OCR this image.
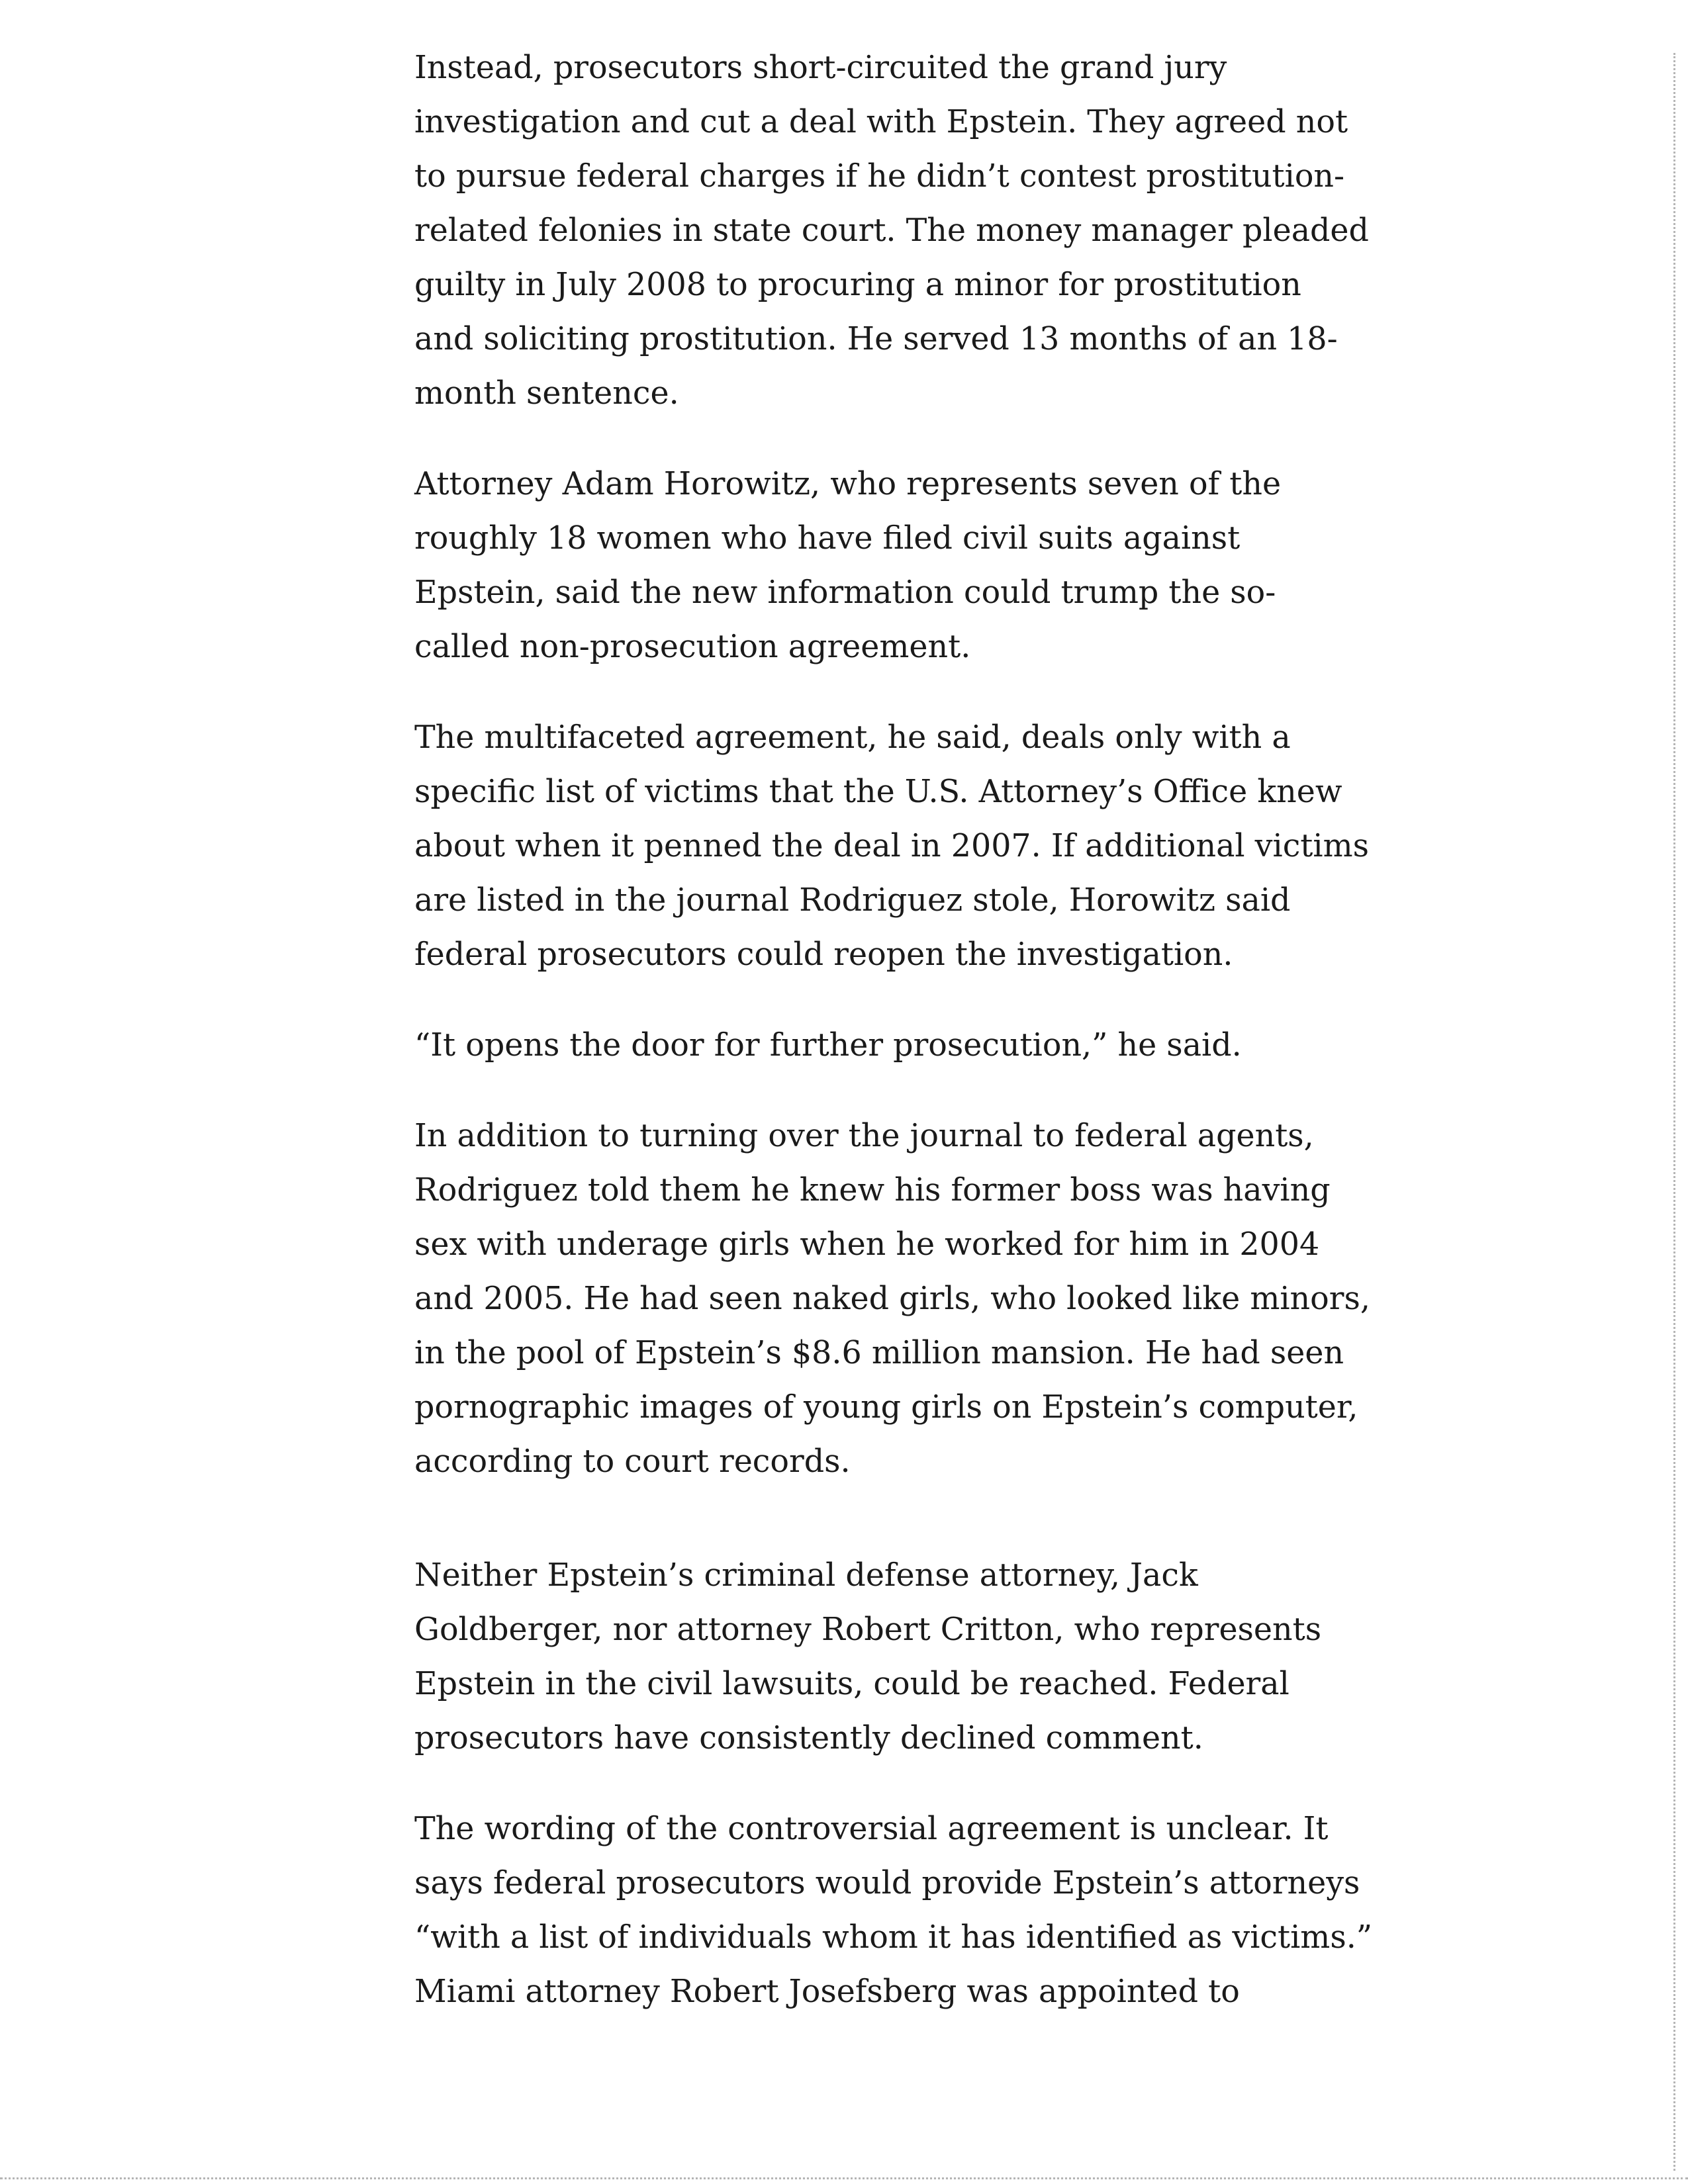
Instead, prosecutors short-circuited the grand jury
investigation and cut a deal with Epstein. They agreed not
to pursue federal charges if he didn’t contest prostitution-
related felonies in state court. The money manager pleaded
guilty in July 2008 to procuring a minor for prostitution
and soliciting prostitution. He served 13 months of an 18-
month sentence.
Attorney Adam Horowitz, who represents seven of the
roughly 18 women who have filed civil suits against
Epstein, said the new information could trump the so-
called non-prosecution agreement.
The multifaceted agreement, he said, deals only with a
specific list of victims that the U.S. Attorney’s Office knew
about when it penned the deal in 2007. If additional victims
are listed in the journal Rodriguez stole, Horowitz said
federal prosecutors could reopen the investigation.
“It opens the door for further prosecution,” he said.
In addition to turning over the journal to federal agents,
Rodriguez told them he knew his former boss was having
sex with underage girls when he worked for him in 2004
and 2005. He had seen naked girls, who looked like minors,
in the pool of Epstein’s $8.6 million mansion. He had seen
pornographic images of young girls on Epstein’s computer,
according to court records.
Neither Epstein’s criminal defense attorney, Jack
Goldberger, nor attorney Robert Critton, who represents
Epstein in the civil lawsuits, could be reached. Federal
prosecutors have consistently declined comment.
The wording of the controversial agreement is unclear. It
says federal prosecutors would provide Epstein’s attorneys
“with a list of individuals whom it has identified as victims.”
Miami attorney Robert Josefsberg was appointed to
